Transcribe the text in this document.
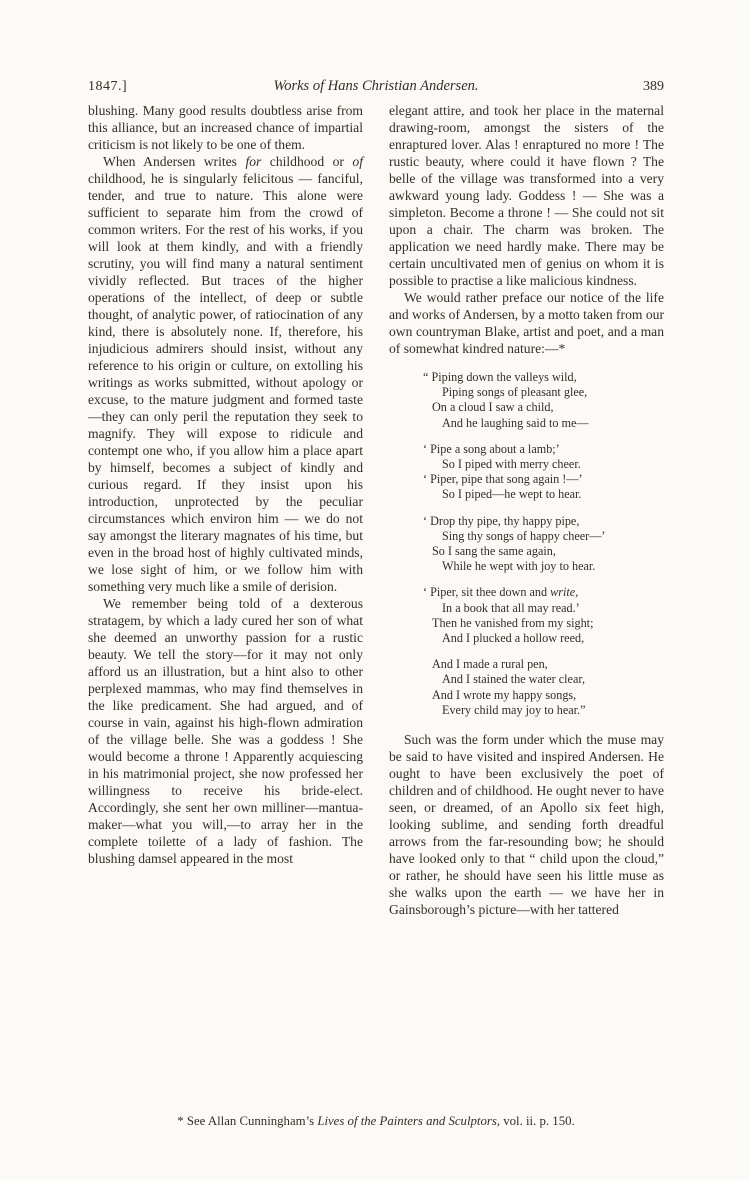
1847.]	Works of Hans Christian Andersen.	389

blushing. Many good results doubtless arise from this alliance, but an increased chance of impartial criticism is not likely to be one of them.

When Andersen writes for childhood or of childhood, he is singularly felicitous — fanciful, tender, and true to nature. This alone were sufficient to separate him from the crowd of common writers. For the rest of his works, if you will look at them kindly, and with a friendly scrutiny, you will find many a natural sentiment vividly reflected. But traces of the higher operations of the intellect, of deep or subtle thought, of analytic power, of ratiocination of any kind, there is absolutely none. If, therefore, his injudicious admirers should insist, without any reference to his origin or culture, on extolling his writings as works submitted, without apology or excuse, to the mature judgment and formed taste—they can only peril the reputation they seek to magnify. They will expose to ridicule and contempt one who, if you allow him a place apart by himself, becomes a subject of kindly and curious regard. If they insist upon his introduction, unprotected by the peculiar circumstances which environ him — we do not say amongst the literary magnates of his time, but even in the broad host of highly cultivated minds, we lose sight of him, or we follow him with something very much like a smile of derision.

We remember being told of a dexterous stratagem, by which a lady cured her son of what she deemed an unworthy passion for a rustic beauty. We tell the story—for it may not only afford us an illustration, but a hint also to other perplexed mammas, who may find themselves in the like predicament. She had argued, and of course in vain, against his high-flown admiration of the village belle. She was a goddess ! She would become a throne ! Apparently acquiescing in his matrimonial project, she now professed her willingness to receive his bride-elect. Accordingly, she sent her own milliner—mantua-maker—what you will,—to array her in the complete toilette of a lady of fashion. The blushing damsel appeared in the most

elegant attire, and took her place in the maternal drawing-room, amongst the sisters of the enraptured lover. Alas ! enraptured no more ! The rustic beauty, where could it have flown ? The belle of the village was transformed into a very awkward young lady. Goddess ! — She was a simpleton. Become a throne ! — She could not sit upon a chair. The charm was broken. The application we need hardly make. There may be certain uncultivated men of genius on whom it is possible to practise a like malicious kindness.

We would rather preface our notice of the life and works of Andersen, by a motto taken from our own countryman Blake, artist and poet, and a man of somewhat kindred nature:—*

“ Piping down the valleys wild,
Piping songs of pleasant glee,
On a cloud I saw a child,
And he laughing said to me—
‘ Pipe a song about a lamb;’
So I piped with merry cheer.
‘ Piper, pipe that song again !—’
So I piped—he wept to hear.
‘ Drop thy pipe, thy happy pipe,
Sing thy songs of happy cheer—’
So I sang the same again,
While he wept with joy to hear.
‘ Piper, sit thee down and write,
In a book that all may read.’
Then he vanished from my sight;
And I plucked a hollow reed,
And I made a rural pen,
And I stained the water clear,
And I wrote my happy songs,
Every child may joy to hear.”

Such was the form under which the muse may be said to have visited and inspired Andersen. He ought to have been exclusively the poet of children and of childhood. He ought never to have seen, or dreamed, of an Apollo six feet high, looking sublime, and sending forth dreadful arrows from the far-resounding bow; he should have looked only to that “ child upon the cloud,” or rather, he should have seen his little muse as she walks upon the earth — we have her in Gainsborough’s picture—with her tattered

* See Allan Cunningham’s Lives of the Painters and Sculptors, vol. ii. p. 150.
